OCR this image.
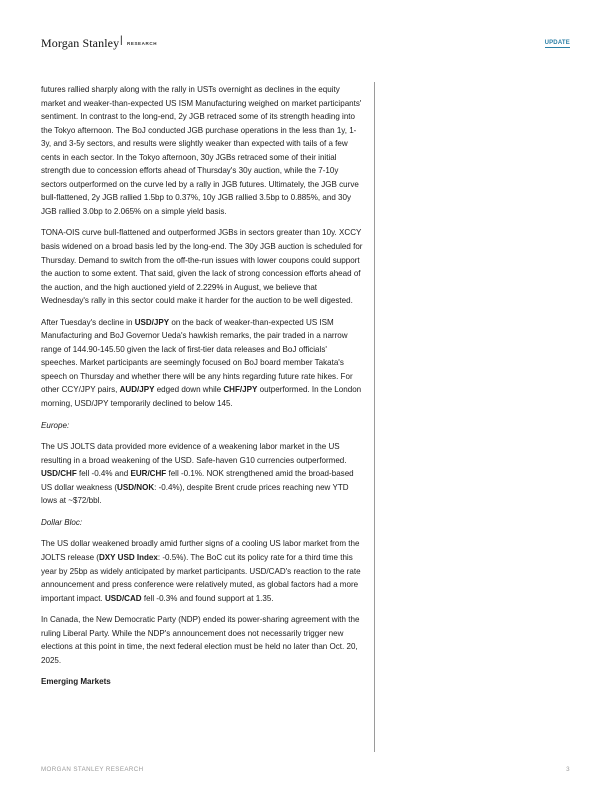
Morgan Stanley | RESEARCH	UPDATE

futures rallied sharply along with the rally in USTs overnight as declines in the equity market and weaker-than-expected US ISM Manufacturing weighed on market participants' sentiment. In contrast to the long-end, 2y JGB retraced some of its strength heading into the Tokyo afternoon. The BoJ conducted JGB purchase operations in the less than 1y, 1-3y, and 3-5y sectors, and results were slightly weaker than expected with tails of a few cents in each sector. In the Tokyo afternoon, 30y JGBs retraced some of their initial strength due to concession efforts ahead of Thursday's 30y auction, while the 7-10y sectors outperformed on the curve led by a rally in JGB futures. Ultimately, the JGB curve bull-flattened, 2y JGB rallied 1.5bp to 0.37%, 10y JGB rallied 3.5bp to 0.885%, and 30y JGB rallied 3.0bp to 2.065% on a simple yield basis.

TONA-OIS curve bull-flattened and outperformed JGBs in sectors greater than 10y. XCCY basis widened on a broad basis led by the long-end. The 30y JGB auction is scheduled for Thursday. Demand to switch from the off-the-run issues with lower coupons could support the auction to some extent. That said, given the lack of strong concession efforts ahead of the auction, and the high auctioned yield of 2.229% in August, we believe that Wednesday's rally in this sector could make it harder for the auction to be well digested.

After Tuesday's decline in USD/JPY on the back of weaker-than-expected US ISM Manufacturing and BoJ Governor Ueda's hawkish remarks, the pair traded in a narrow range of 144.90-145.50 given the lack of first-tier data releases and BoJ officials' speeches. Market participants are seemingly focused on BoJ board member Takata's speech on Thursday and whether there will be any hints regarding future rate hikes. For other CCY/JPY pairs, AUD/JPY edged down while CHF/JPY outperformed. In the London morning, USD/JPY temporarily declined to below 145.

Europe:

The US JOLTS data provided more evidence of a weakening labor market in the US resulting in a broad weakening of the USD. Safe-haven G10 currencies outperformed. USD/CHF fell -0.4% and EUR/CHF fell -0.1%. NOK strengthened amid the broad-based US dollar weakness (USD/NOK: -0.4%), despite Brent crude prices reaching new YTD lows at ~$72/bbl.

Dollar Bloc:

The US dollar weakened broadly amid further signs of a cooling US labor market from the JOLTS release (DXY USD Index: -0.5%). The BoC cut its policy rate for a third time this year by 25bp as widely anticipated by market participants. USD/CAD's reaction to the rate announcement and press conference were relatively muted, as global factors had a more important impact. USD/CAD fell -0.3% and found support at 1.35.

In Canada, the New Democratic Party (NDP) ended its power-sharing agreement with the ruling Liberal Party. While the NDP's announcement does not necessarily trigger new elections at this point in time, the next federal election must be held no later than Oct. 20, 2025.

Emerging Markets

MORGAN STANLEY RESEARCH	3
